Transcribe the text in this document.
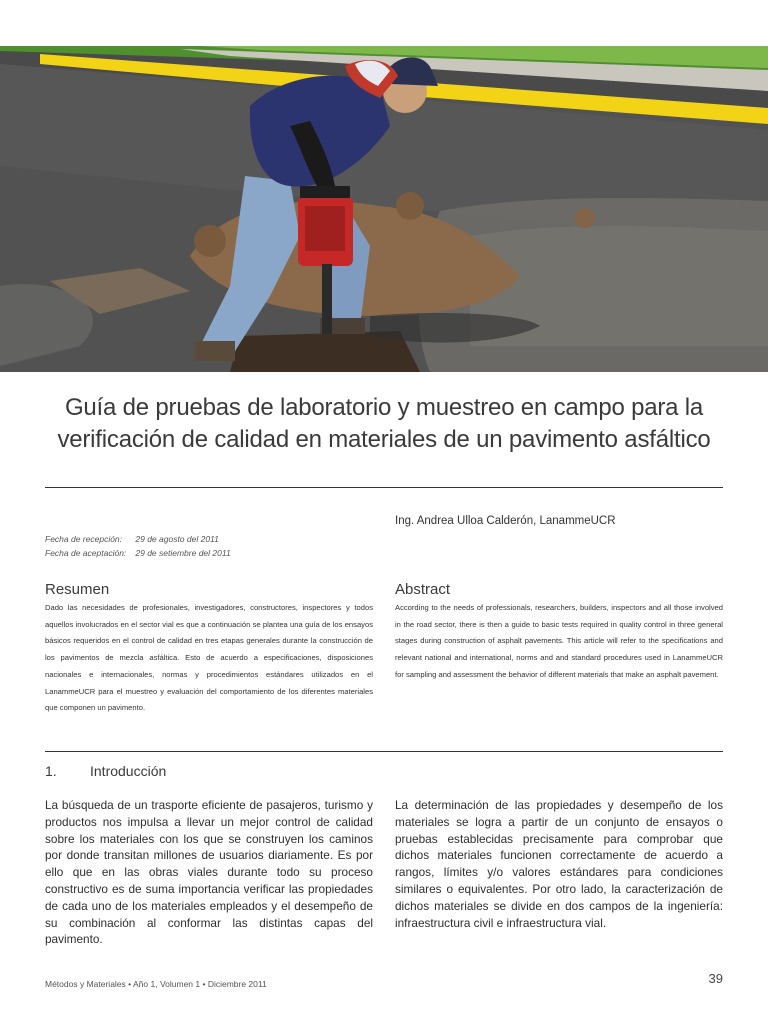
Guía de pruebas de laboratorio y muestreo en campo para la
verificación de calidad en materiales de un pavimento asfáltico
Ing. Andrea Ulloa Calderón, LanammeUCR
Fecha de recepción: 29 de agosto del 2011
Fecha de aceptación: 29 de setiembre del 2011
Resumen

Dado las necesidades de profesionales, investigadores, constructores, inspectores y todos aquellos involucrados en el sector vial es que a continuación se plantea una guía de los ensayos básicos requeridos en el control de calidad en tres etapas generales durante la construcción de los pavimentos de mezcla asfáltica. Esto de acuerdo a especificaciones, disposiciones nacionales e internacionales, normas y procedimientos estándares utilizados en el LanammeUCR para el muestreo y evaluación del comportamiento de los diferentes materiales que componen un pavimento.

Abstract

According to the needs of professionals, researchers, builders, inspectors and all those involved in the road sector, there is then a guide to basic tests required in quality control in three general stages during construction of asphalt pavements. This article will refer to the specifications and relevant national and international, norms and and standard procedures used in LanammeUCR for sampling and assessment the behavior of different materials that make an asphalt pavement.

1. Introducción

La búsqueda de un trasporte eficiente de pasajeros, turismo y productos nos impulsa a llevar un mejor control de calidad sobre los materiales con los que se construyen los caminos por donde transitan millones de usuarios diariamente. Es por ello que en las obras viales durante todo su proceso constructivo es de suma importancia verificar las propiedades de cada uno de los materiales empleados y el desempeño de su combinación al conformar las distintas capas del pavimento.

La determinación de las propiedades y desempeño de los materiales se logra a partir de un conjunto de ensayos o pruebas establecidas precisamente para comprobar que dichos materiales funcionen correctamente de acuerdo a rangos, límites y/o valores estándares para condiciones similares o equivalentes. Por otro lado, la caracterización de dichos materiales se divide en dos campos de la ingeniería: infraestructura civil e infraestructura vial.

Métodos y Materiales • Año 1, Volumen 1 • Diciembre 2011	39
